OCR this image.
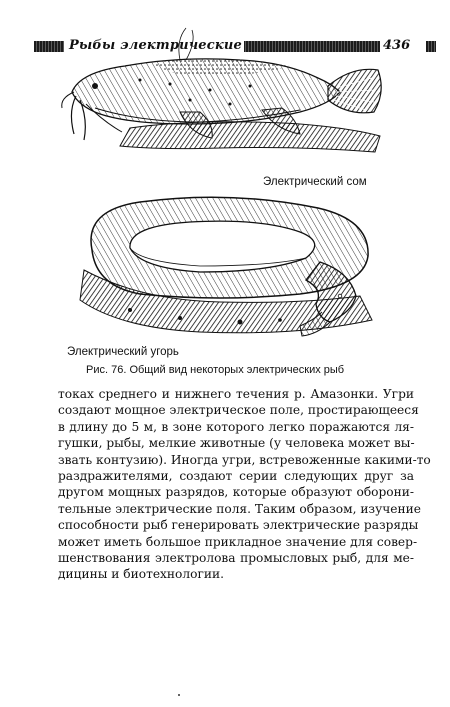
Рыбы электрические	436
Электрический сом
Электрический угорь
Рис. 76. Общий вид некоторых электрических рыб
токах среднего и нижнего течения р. Амазонки. Угри
создают мощное электрическое поле, простирающееся
в длину до 5 м, в зоне которого легко поражаются ля-
гушки, рыбы, мелкие животные (у человека может вы-
звать контузию). Иногда угри, встревоженные какими-то
раздражителями, создают серии следующих друг за
другом мощных разрядов, которые образуют оборони-
тельные электрические поля. Таким образом, изучение
способности рыб генерировать электрические разряды
может иметь большое прикладное значение для совер-
шенствования электролова промысловых рыб, для ме-
дицины и биотехнологии.
